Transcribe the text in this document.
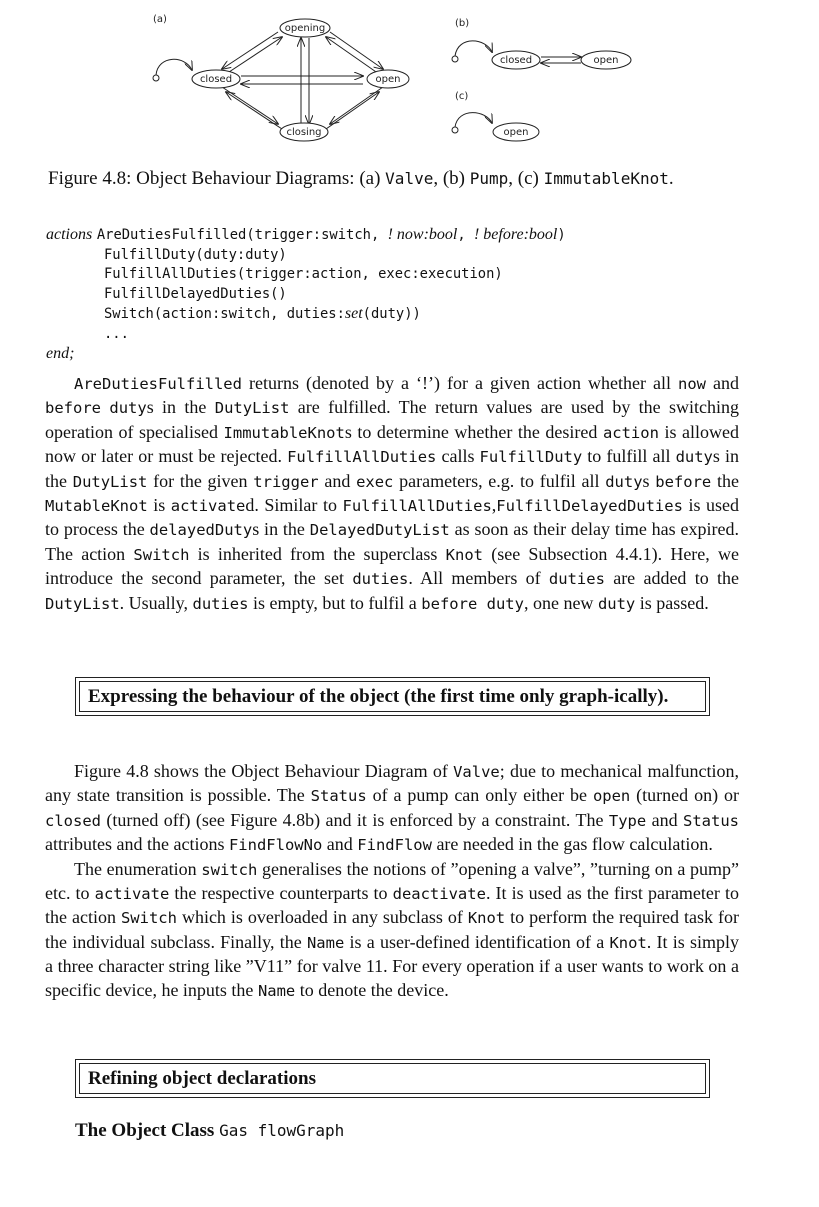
(a)	(b)
(c)
opening
closed	open
closing
closed	open
open
Figure 4.8: Object Behaviour Diagrams: (a) Valve, (b) Pump, (c) ImmutableKnot.
actions AreDutiesFulfilled(trigger:switch, ! now:bool, ! before:bool)
FulfillDuty(duty:duty)
FulfillAllDuties(trigger:action, exec:execution)
FulfillDelayedDuties()
Switch(action:switch, duties:set(duty))
...
end;

AreDutiesFulfilled returns (denoted by a ‘!’) for a given action whether all now and before dutys in the DutyList are fulfilled. The return values are used by the switching operation of specialised ImmutableKnots to determine whether the desired action is allowed now or later or must be rejected. FulfillAllDuties calls FulfillDuty to fulfill all dutys in the DutyList for the given trigger and exec parameters, e.g. to fulfil all dutys before the MutableKnot is activated. Similar to FulfillAllDuties,FulfillDelayedDuties is used to process the delayedDutys in the DelayedDutyList as soon as their delay time has expired. The action Switch is inherited from the superclass Knot (see Subsection 4.4.1). Here, we introduce the second parameter, the set duties. All members of duties are added to the DutyList. Usually, duties is empty, but to fulfil a before duty, one new duty is passed.

Expressing the behaviour of the object (the first time only graph-ically).

Figure 4.8 shows the Object Behaviour Diagram of Valve; due to mechanical malfunction, any state transition is possible. The Status of a pump can only either be open (turned on) or closed (turned off) (see Figure 4.8b) and it is enforced by a constraint. The Type and Status attributes and the actions FindFlowNo and FindFlow are needed in the gas flow calculation.

The enumeration switch generalises the notions of ”opening a valve”, ”turning on a pump” etc. to activate the respective counterparts to deactivate. It is used as the first parameter to the action Switch which is overloaded in any subclass of Knot to perform the required task for the individual subclass. Finally, the Name is a user-defined identification of a Knot. It is simply a three character string like ”V11” for valve 11. For every operation if a user wants to work on a specific device, he inputs the Name to denote the device.

Refining object declarations
The Object Class Gas flowGraph
